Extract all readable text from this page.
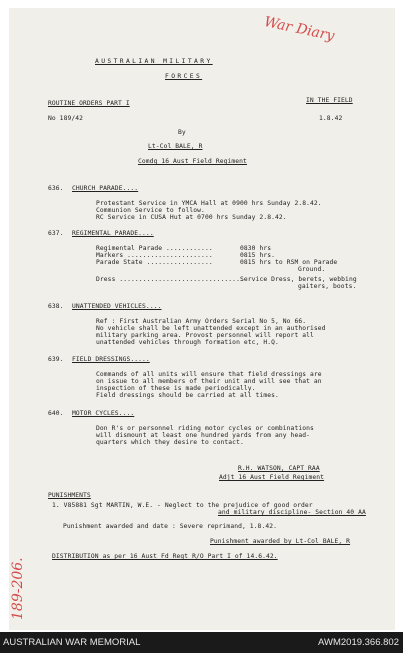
War Diary
189-206.
AUSTRALIAN MILITARY
FORCES
ROUTINE ORDERS PART I	IN THE FIELD
No 189/42	1.8.42
By
Lt-Col BALE, R
Comdg 16 Aust Field Regiment
636. CHURCH PARADE....
Protestant Service in YMCA Hall at 0900 hrs Sunday 2.8.42.
Communion Service to follow.
RC Service in CUSA Hut at 0700 hrs Sunday 2.8.42.
637. REGIMENTAL PARADE....
Regimental Parade ............	0830 hrs
Markers ......................	0815 hrs.
Parade State .................	0815 hrs to RSM on Parade
Ground.
Dress ................................
Service Dress, berets, webbing
gaiters, boots.
638. UNATTENDED VEHICLES....
Ref : First Australian Army Orders Serial No 5, No 66.
No vehicle shall be left unattended except in an authorised
military parking area. Provost personnel will report all
unattended vehicles through formation etc, H.Q.
639. FIELD DRESSINGS.....
Commands of all units will ensure that field dressings are
on issue to all members of their unit and will see that an
inspection of these is made periodically.
Field dressings should be carried at all times.
640. MOTOR CYCLES....
Don R's or personnel riding motor cycles or combinations
will dismount at least one hundred yards from any head-
quarters which they desire to contact.
R.H. WATSON, CAPT RAA
Adjt 16 Aust Field Regiment
PUNISHMENTS
1. V85881 Sgt MARTIN, W.E. - Neglect to the prejudice of good order
and military discipline- Section 40 AA
Punishment awarded and date : Severe reprimand, 1.8.42.
Punishment awarded by Lt-Col BALE, R
DISTRIBUTION as per 16 Aust Fd Regt R/O Part I of 14.6.42.
AUSTRALIAN WAR MEMORIAL	AWM2019.366.802
